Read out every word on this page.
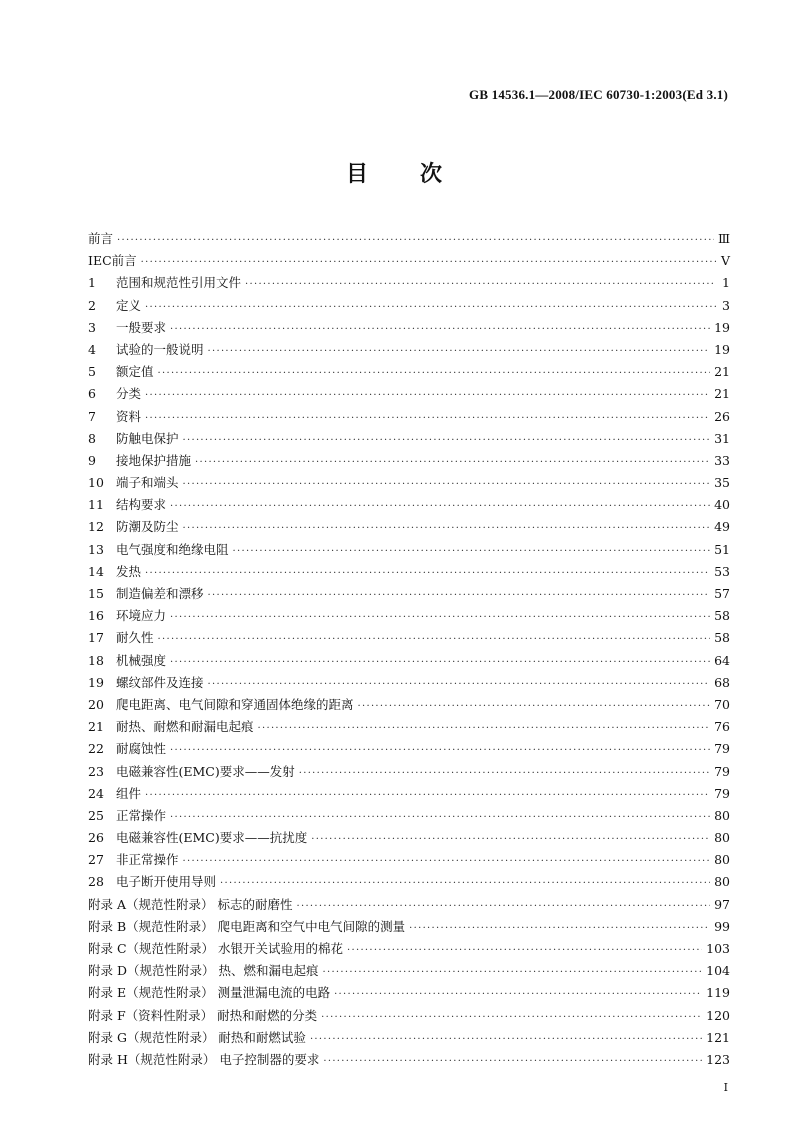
GB 14536.1—2008/IEC 60730-1:2003(Ed 3.1)
目 次
前言 ·····	Ⅲ
IEC前言 ·····	Ⅴ
1	范围和规范性引用文件 ·····	1
2	定义 ·····	3
3	一般要求 ·····	19
4	试验的一般说明 ·····	19
5	额定值 ·····	21
6	分类 ·····	21
7	资料 ·····	26
8	防触电保护 ·····	31
9	接地保护措施 ·····	33
10 端子和端头 ·····	35
11 结构要求 ·····	40
12 防潮及防尘 ·····	49
13 电气强度和绝缘电阻 ·····	51
14 发热 ·····	53
15 制造偏差和漂移 ·····	57
16 环境应力 ·····	58
17 耐久性 ·····	58
18 机械强度 ·····	64
19 螺纹部件及连接 ·····	68
20 爬电距离、电气间隙和穿通固体绝缘的距离 ·····	70
21 耐热、耐燃和耐漏电起痕 ·····	76
22 耐腐蚀性 ·····	79
23 电磁兼容性(EMC)要求——发射 ·····	79
24 组件 ·····	79
25 正常操作 ·····	80
26 电磁兼容性(EMC)要求——抗扰度 ·····	80
27 非正常操作 ·····	80
28 电子断开使用导则 ·····	80
附录 A（规范性附录） 标志的耐磨性 ·····	97
附录 B（规范性附录） 爬电距离和空气中电气间隙的测量 ·····	99
附录 C（规范性附录） 水银开关试验用的棉花 ·····	103
附录 D（规范性附录） 热、燃和漏电起痕 ·····	104
附录 E（规范性附录） 测量泄漏电流的电路 ·····	119
附录 F（资料性附录） 耐热和耐燃的分类 ·····	120
附录 G（规范性附录） 耐热和耐燃试验 ·····	121
附录 H（规范性附录） 电子控制器的要求 ·····	123
I
